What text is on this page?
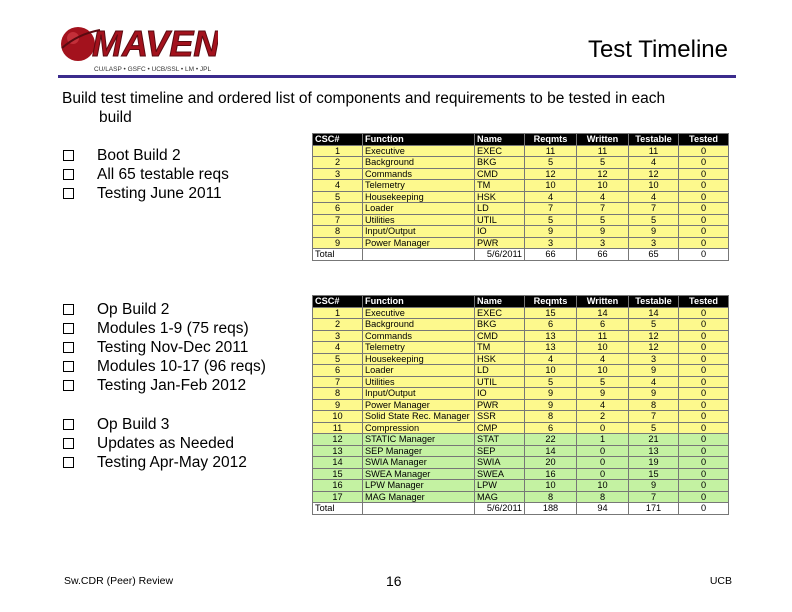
MAVEN
CU/LASP • GSFC • UCB/SSL • LM • JPL
Test Timeline
Build test timeline and ordered list of components and requirements to be tested in each
build
Boot Build 2
All 65 testable reqs
Testing June 2011
Op Build 2
Modules 1-9 (75 reqs)
Testing Nov-Dec 2011
Modules 10-17 (96 reqs)
Testing Jan-Feb 2012
Op Build 3
Updates as Needed
Testing Apr-May 2012
CSC#	Function	Name	Reqmts	Written	Testable	Tested
1	Executive	EXEC	11	11	11	0
2	Background	BKG	5	5	4	0
3	Commands	CMD	12	12	12	0
4	Telemetry	TM	10	10	10	0
5	Housekeeping	HSK	4	4	4	0
6	Loader	LD	7	7	7	0
7	Utilities	UTIL	5	5	5	0
8	Input/Output	IO	9	9	9	0
9	Power Manager	PWR	3	3	3	0
Total		5/6/2011	66	66	65	0
CSC#	Function	Name	Reqmts	Written	Testable	Tested
1	Executive	EXEC	15	14	14	0
2	Background	BKG	6	6	5	0
3	Commands	CMD	13	11	12	0
4	Telemetry	TM	13	10	12	0
5	Housekeeping	HSK	4	4	3	0
6	Loader	LD	10	10	9	0
7	Utilities	UTIL	5	5	4	0
8	Input/Output	IO	9	9	9	0
9	Power Manager	PWR	9	4	8	0
10	Solid State Rec. Manager	SSR	8	2	7	0
11	Compression	CMP	6	0	5	0
12	STATIC Manager	STAT	22	1	21	0
13	SEP Manager	SEP	14	0	13	0
14	SWIA Manager	SWIA	20	0	19	0
15	SWEA Manager	SWEA	16	0	15	0
16	LPW Manager	LPW	10	10	9	0
17	MAG Manager	MAG	8	8	7	0
Total		5/6/2011	188	94	171	0
Sw.CDR (Peer) Review	16	UCB
